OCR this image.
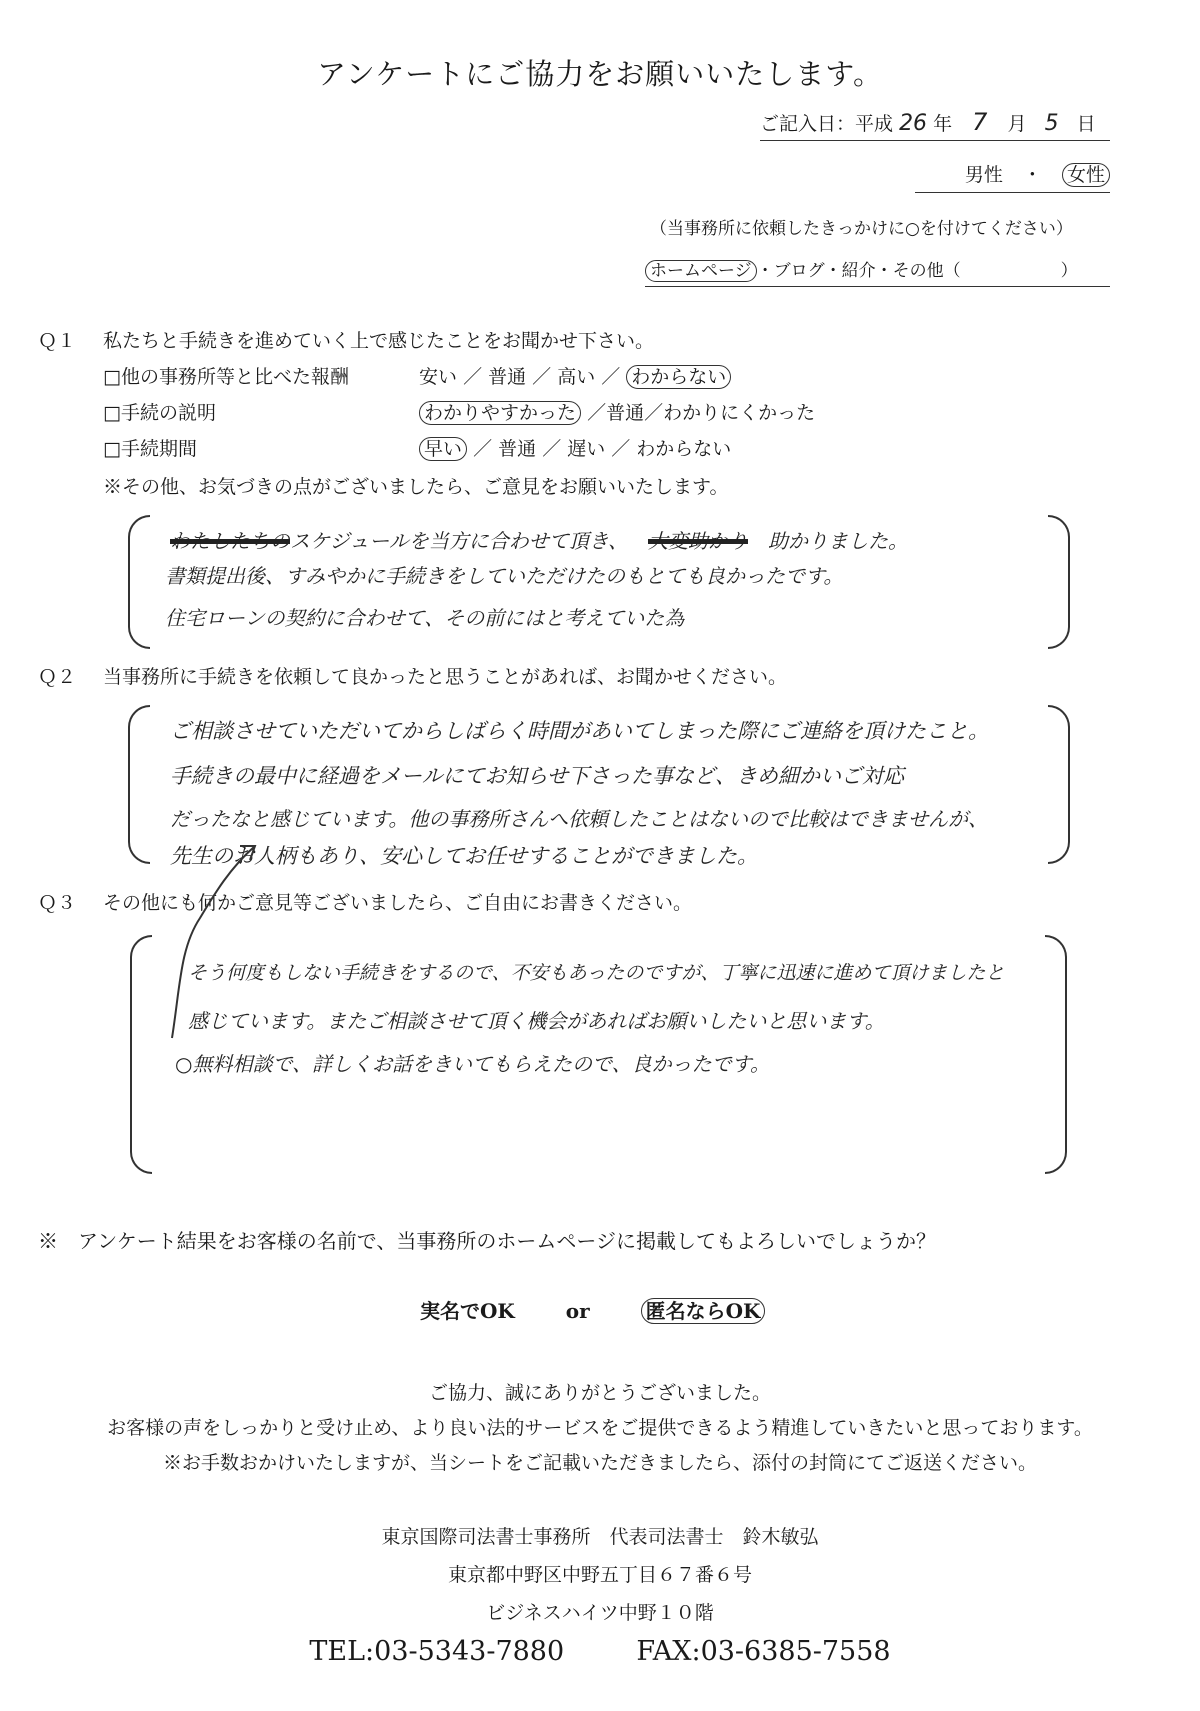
アンケートにご協力をお願いいたします。
ご記入日：平成 26 年 7 月 5 日
男性 ・ 女性
（当事務所に依頼したきっかけに○を付けてください）
ホームページ ・ブログ・紹介・その他（	）
Ｑ１ 私たちと手続きを進めていく上で感じたことをお聞かせ下さい。
□他の事務所等と比べた報酬	安い ／ 普通 ／ 高い ／ わからない
□手続の説明	わかりやすかった ／普通／わかりにくかった
□手続期間	早い ／ 普通 ／ 遅い ／ わからない
※その他、お気づきの点がございましたら、ご意見をお願いいたします。
わたしたちのスケジュールを当方に合わせて頂き、 大変助かり 助かりました。
書類提出後、すみやかに手続きをしていただけたのもとても良かったです。
住宅ローンの契約に合わせて、その前にはと考えていた為
Ｑ２ 当事務所に手続きを依頼して良かったと思うことがあれば、お聞かせください。
ご相談させていただいてからしばらく時間があいてしまった際にご連絡を頂けたこと。
手続きの最中に経過をメールにてお知らせ下さった事など、きめ細かいご対応
だったなと感じています。他の事務所さんへ依頼したことはないので比較はできませんが、
先生のお人柄もあり、安心してお任せすることができました。
Ｑ３ その他にも何かご意見等ございましたら、ご自由にお書きください。
そう何度もしない手続きをするので、不安もあったのですが、丁寧に迅速に進めて頂けましたと
感じています。またご相談させて頂く機会があればお願いしたいと思います。
○無料相談で、詳しくお話をきいてもらえたので、良かったです。
※　アンケート結果をお客様の名前で、当事務所のホームページに掲載してもよろしいでしょうか？
実名でOK	or	匿名ならOK
ご協力、誠にありがとうございました。
お客様の声をしっかりと受け止め、より良い法的サービスをご提供できるよう精進していきたいと思っております。
※お手数おかけいたしますが、当シートをご記載いただきましたら、添付の封筒にてご返送ください。
東京国際司法書士事務所　代表司法書士　鈴木敏弘
東京都中野区中野五丁目６７番６号
ビジネスハイツ中野１０階
TEL:03-5343-7880	FAX:03-6385-7558
